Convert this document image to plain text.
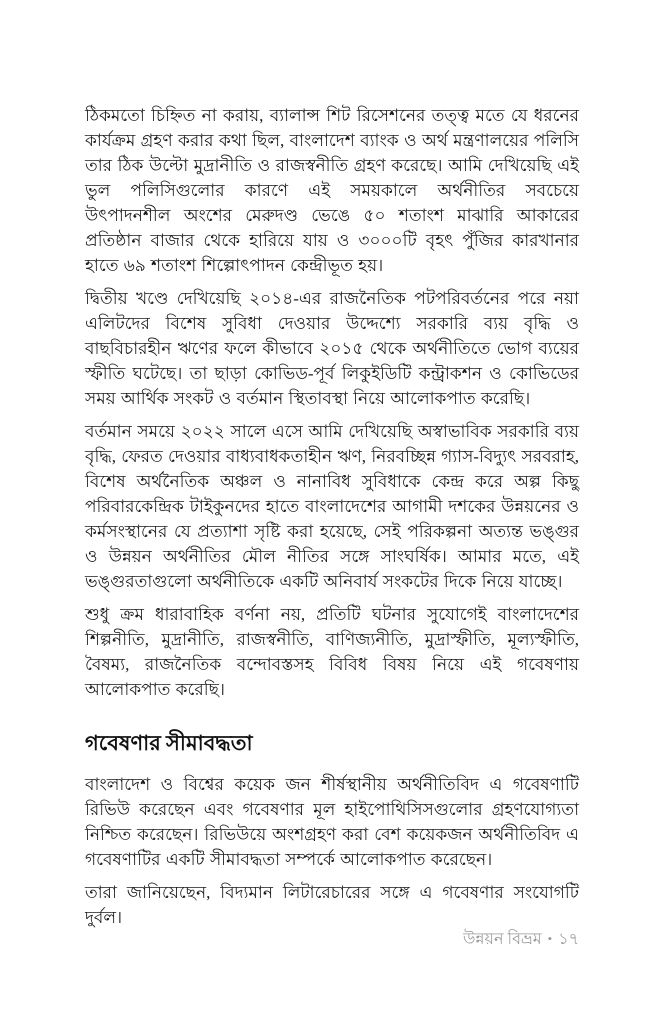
ঠিকমতো চিহ্নিত না করায়, ব্যালান্স শিট রিসেশনের তত্ত্ব মতে যে ধরনের কার্যক্রম গ্রহণ করার কথা ছিল, বাংলাদেশ ব্যাংক ও অর্থ মন্ত্রণালয়ের পলিসি তার ঠিক উল্টো মুদ্রানীতি ও রাজস্বনীতি গ্রহণ করেছে। আমি দেখিয়েছি এই ভুল পলিসিগুলোর কারণে এই সময়কালে অর্থনীতির সবচেয়ে উৎপাদনশীল অংশের মেরুদণ্ড ভেঙে ৫০ শতাংশ মাঝারি আকারের প্রতিষ্ঠান বাজার থেকে হারিয়ে যায় ও ৩০০০টি বৃহৎ পুঁজির কারখানার হাতে ৬৯ শতাংশ শিল্পোৎপাদন কেন্দ্রীভূত হয়।

দ্বিতীয় খণ্ডে দেখিয়েছি ২০১৪-এর রাজনৈতিক পটপরিবর্তনের পরে নয়া এলিটদের বিশেষ সুবিধা দেওয়ার উদ্দেশ্যে সরকারি ব্যয় বৃদ্ধি ও বাছবিচারহীন ঋণের ফলে কীভাবে ২০১৫ থেকে অর্থনীতিতে ভোগ ব্যয়ের স্ফীতি ঘটেছে। তা ছাড়া কোভিড-পূর্ব লিকুইডিটি কন্ট্রাকশন ও কোভিডের সময় আর্থিক সংকট ও বর্তমান স্থিতাবস্থা নিয়ে আলোকপাত করেছি।

বর্তমান সময়ে ২০২২ সালে এসে আমি দেখিয়েছি অস্বাভাবিক সরকারি ব্যয় বৃদ্ধি, ফেরত দেওয়ার বাধ্যবাধকতাহীন ঋণ, নিরবচ্ছিন্ন গ্যাস-বিদ্যুৎ সরবরাহ, বিশেষ অর্থনৈতিক অঞ্চল ও নানাবিধ সুবিধাকে কেন্দ্র করে অল্প কিছু পরিবারকেন্দ্রিক টাইকুনদের হাতে বাংলাদেশের আগামী দশকের উন্নয়নের ও কর্মসংস্থানের যে প্রত্যাশা সৃষ্টি করা হয়েছে, সেই পরিকল্পনা অত্যন্ত ভঙ্গুর ও উন্নয়ন অর্থনীতির মৌল নীতির সঙ্গে সাংঘর্ষিক। আমার মতে, এই ভঙ্গুরতাগুলো অর্থনীতিকে একটি অনিবার্য সংকটের দিকে নিয়ে যাচ্ছে।

শুধু ক্রম ধারাবাহিক বর্ণনা নয়, প্রতিটি ঘটনার সুযোগেই বাংলাদেশের শিল্পনীতি, মুদ্রানীতি, রাজস্বনীতি, বাণিজ্যনীতি, মুদ্রাস্ফীতি, মূল্যস্ফীতি, বৈষম্য, রাজনৈতিক বন্দোবস্তসহ বিবিধ বিষয় নিয়ে এই গবেষণায় আলোকপাত করেছি।

গবেষণার সীমাবদ্ধতা

বাংলাদেশ ও বিশ্বের কয়েক জন শীর্ষস্থানীয় অর্থনীতিবিদ এ গবেষণাটি রিভিউ করেছেন এবং গবেষণার মূল হাইপোথিসিসগুলোর গ্রহণযোগ্যতা নিশ্চিত করেছেন। রিভিউয়ে অংশগ্রহণ করা বেশ কয়েকজন অর্থনীতিবিদ এ গবেষণাটির একটি সীমাবদ্ধতা সম্পর্কে আলোকপাত করেছেন।

তারা জানিয়েছেন, বিদ্যমান লিটারেচারের সঙ্গে এ গবেষণার সংযোগটি দুর্বল।

উন্নয়ন বিভ্রম • ১৭
